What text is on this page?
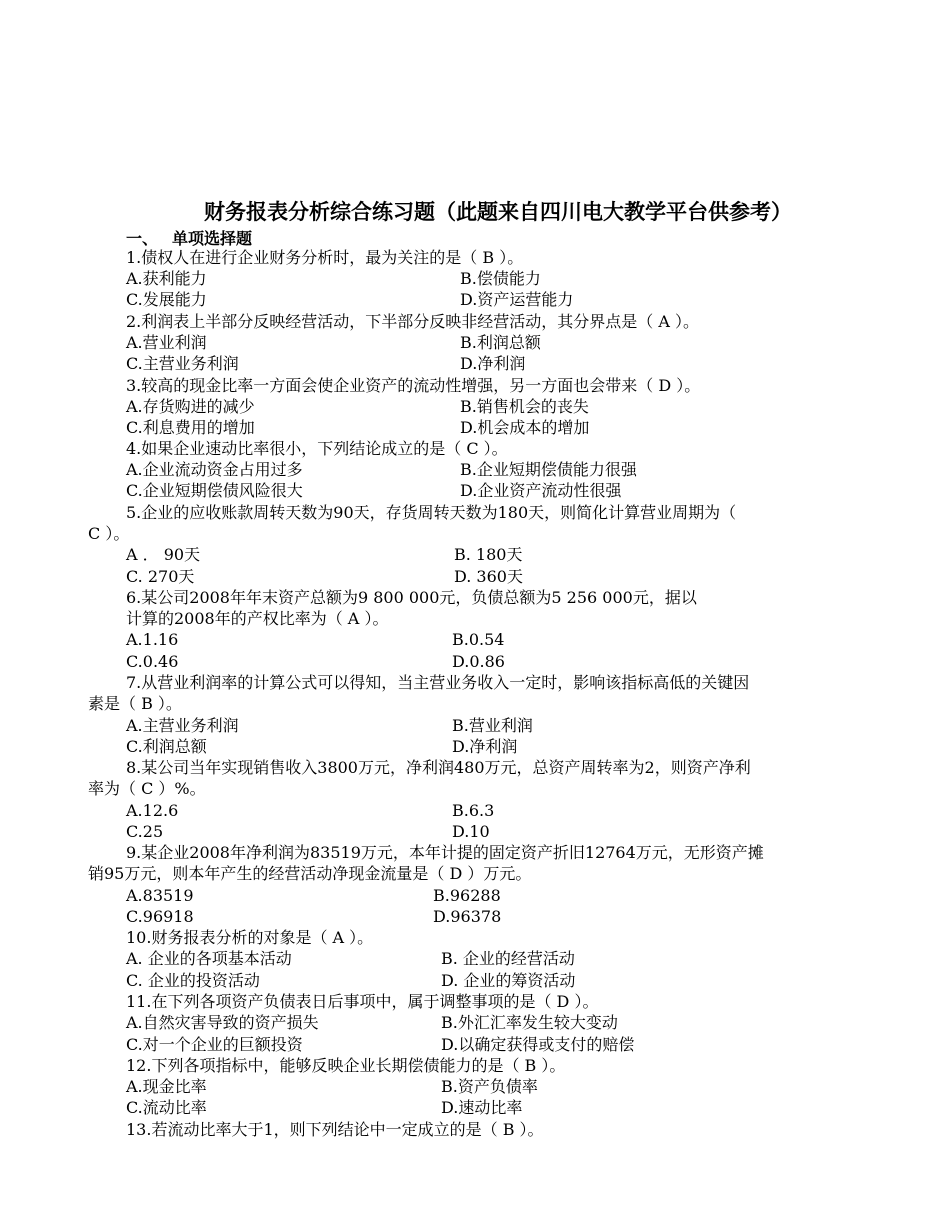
财务报表分析综合练习题（此题来自四川电大教学平台供参考）
一、 单项选择题
1.债权人在进行企业财务分析时，最为关注的是（ B ）。
A.获利能力	B.偿债能力
C.发展能力	D.资产运营能力
2.利润表上半部分反映经营活动，下半部分反映非经营活动，其分界点是（ A ）。
A.营业利润	B.利润总额
C.主营业务利润	D.净利润
3.较高的现金比率一方面会使企业资产的流动性增强，另一方面也会带来（ D ）。
A.存货购进的减少	B.销售机会的丧失
C.利息费用的增加	D.机会成本的增加
4.如果企业速动比率很小，下列结论成立的是（ C ）。
A.企业流动资金占用过多	B.企业短期偿债能力很强
C.企业短期偿债风险很大	D.企业资产流动性很强
5.企业的应收账款周转天数为90天，存货周转天数为180天，则简化计算营业周期为（
C ）。
A ． 90天	B. 180天
C. 270天	D. 360天
6.某公司2008年年末资产总额为9 800 000元，负债总额为5 256 000元，据以
计算的2008年的产权比率为（ A ）。
A.1.16	B.0.54
C.0.46	D.0.86
7.从营业利润率的计算公式可以得知，当主营业务收入一定时，影响该指标高低的关键因
素是（ B ）。
A.主营业务利润	B.营业利润
C.利润总额	D.净利润
8.某公司当年实现销售收入3800万元，净利润480万元，总资产周转率为2，则资产净利
率为（ C ）%。
A.12.6	B.6.3
C.25	D.10
9.某企业2008年净利润为83519万元，本年计提的固定资产折旧12764万元，无形资产摊
销95万元，则本年产生的经营活动净现金流量是（ D ）万元。
A.83519	B.96288
C.96918	D.96378
10.财务报表分析的对象是（ A ）。
A. 企业的各项基本活动	B. 企业的经营活动
C. 企业的投资活动	D. 企业的筹资活动
11.在下列各项资产负债表日后事项中，属于调整事项的是（ D ）。
A.自然灾害导致的资产损失	B.外汇汇率发生较大变动
C.对一个企业的巨额投资	D.以确定获得或支付的赔偿
12.下列各项指标中，能够反映企业长期偿债能力的是（ B ）。
A.现金比率	B.资产负债率
C.流动比率	D.速动比率
13.若流动比率大于1，则下列结论中一定成立的是（ B ）。
